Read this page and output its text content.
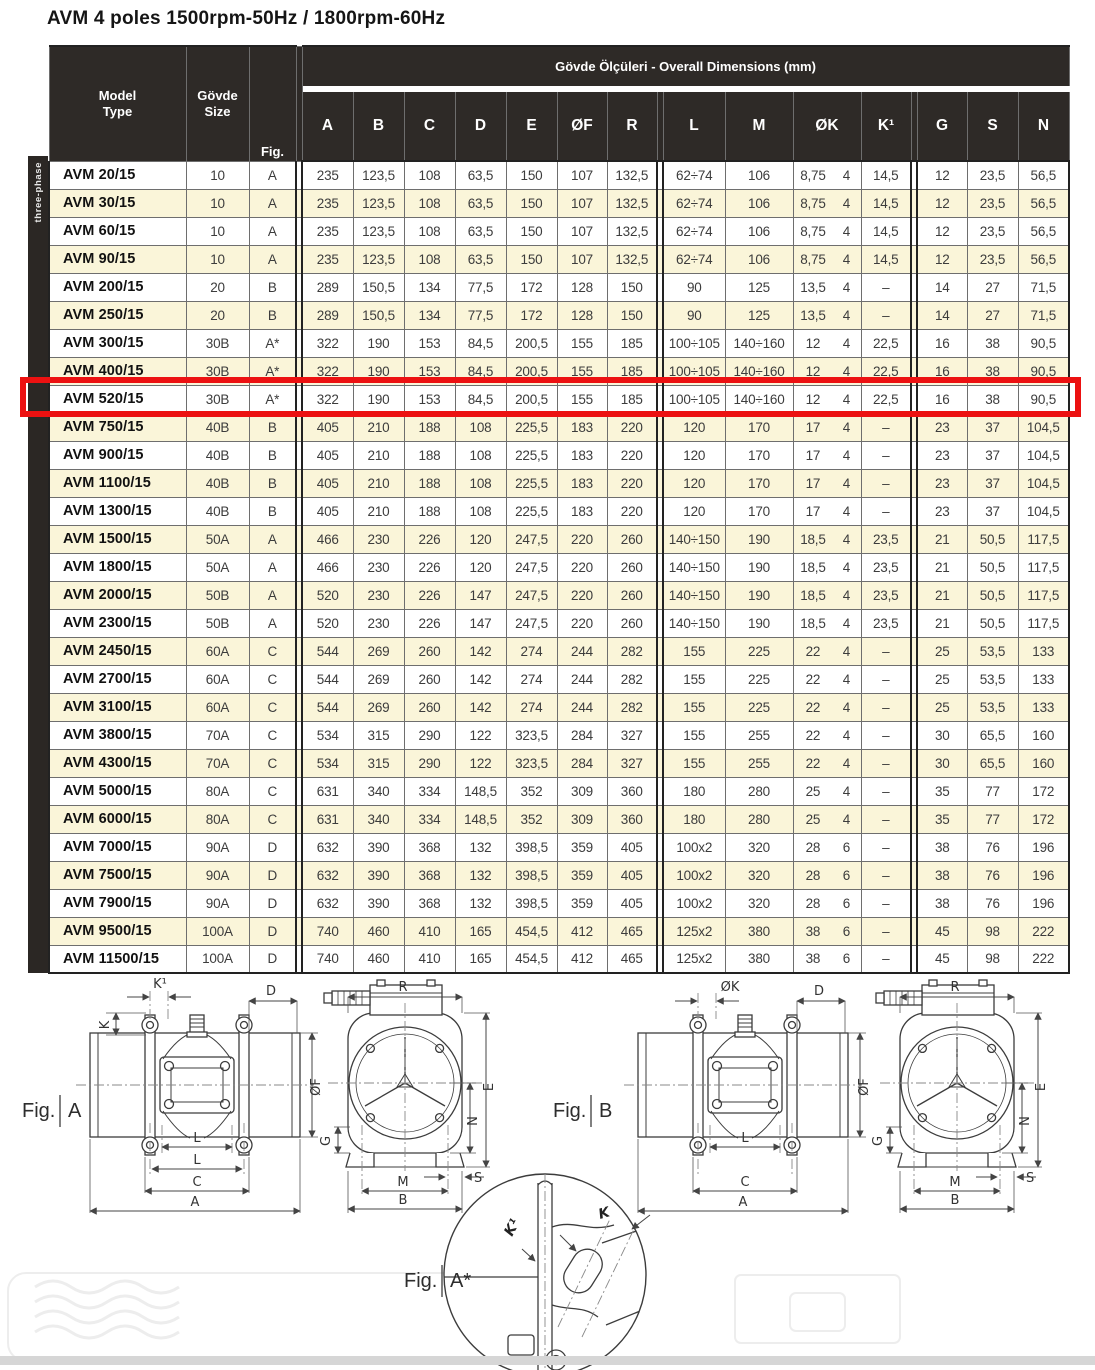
AVM 4 poles 1500rpm-50Hz / 1800rpm-60Hz
three-phase
Model
Type	Gövde
Size	Fig.		Gövde Ölçüleri - Overall Dimensions (mm)															

				A	B	C	D	E	ØF	R		L	M	ØK	K¹		G	S	N
AVM 20/15	10	A		235	123,5	108	63,5	150	107	132,5		62÷74	106	8,75 4	14,5		12	23,5	56,5
AVM 30/15	10	A		235	123,5	108	63,5	150	107	132,5		62÷74	106	8,75 4	14,5		12	23,5	56,5
AVM 60/15	10	A		235	123,5	108	63,5	150	107	132,5		62÷74	106	8,75 4	14,5		12	23,5	56,5
AVM 90/15	10	A		235	123,5	108	63,5	150	107	132,5		62÷74	106	8,75 4	14,5		12	23,5	56,5
AVM 200/15	20	B		289	150,5	134	77,5	172	128	150		90	125	13,5 4	–		14	27	71,5
AVM 250/15	20	B		289	150,5	134	77,5	172	128	150		90	125	13,5 4	–		14	27	71,5
AVM 300/15	30B	A*		322	190	153	84,5	200,5	155	185		100÷105	140÷160	12 4	22,5		16	38	90,5
AVM 400/15	30B	A*		322	190	153	84,5	200,5	155	185		100÷105	140÷160	12 4	22,5		16	38	90,5
AVM 520/15	30B	A*		322	190	153	84,5	200,5	155	185		100÷105	140÷160	12 4	22,5		16	38	90,5
AVM 750/15	40B	B		405	210	188	108	225,5	183	220		120	170	17 4	–		23	37	104,5
AVM 900/15	40B	B		405	210	188	108	225,5	183	220		120	170	17 4	–		23	37	104,5
AVM 1100/15	40B	B		405	210	188	108	225,5	183	220		120	170	17 4	–		23	37	104,5
AVM 1300/15	40B	B		405	210	188	108	225,5	183	220		120	170	17 4	–		23	37	104,5
AVM 1500/15	50A	A		466	230	226	120	247,5	220	260		140÷150	190	18,5 4	23,5		21	50,5	117,5
AVM 1800/15	50A	A		466	230	226	120	247,5	220	260		140÷150	190	18,5 4	23,5		21	50,5	117,5
AVM 2000/15	50B	A		520	230	226	147	247,5	220	260		140÷150	190	18,5 4	23,5		21	50,5	117,5
AVM 2300/15	50B	A		520	230	226	147	247,5	220	260		140÷150	190	18,5 4	23,5		21	50,5	117,5
AVM 2450/15	60A	C		544	269	260	142	274	244	282		155	225	22 4	–		25	53,5	133
AVM 2700/15	60A	C		544	269	260	142	274	244	282		155	225	22 4	–		25	53,5	133
AVM 3100/15	60A	C		544	269	260	142	274	244	282		155	225	22 4	–		25	53,5	133
AVM 3800/15	70A	C		534	315	290	122	323,5	284	327		155	255	22 4	–		30	65,5	160
AVM 4300/15	70A	C		534	315	290	122	323,5	284	327		155	255	22 4	–		30	65,5	160
AVM 5000/15	80A	C		631	340	334	148,5	352	309	360		180	280	25 4	–		35	77	172
AVM 6000/15	80A	C		631	340	334	148,5	352	309	360		180	280	25 4	–		35	77	172
AVM 7000/15	90A	D		632	390	368	132	398,5	359	405		100x2	320	28 6	–		38	76	196
AVM 7500/15	90A	D		632	390	368	132	398,5	359	405		100x2	320	28 6	–		38	76	196
AVM 7900/15	90A	D		632	390	368	132	398,5	359	405		100x2	320	28 6	–		38	76	196
AVM 9500/15	100A	D		740	460	410	165	454,5	412	465		125x2	380	38 6	–		45	98	222
AVM 11500/15	100A	D		740	460	410	165	454,5	412	465		125x2	380	38 6	–		45	98	222
D
ØF
L
C
A
R
E
N
G
S
M
B
K¹
K
L
Fig. A
ØK
Fig. B
K
K¹
Fig. A*
